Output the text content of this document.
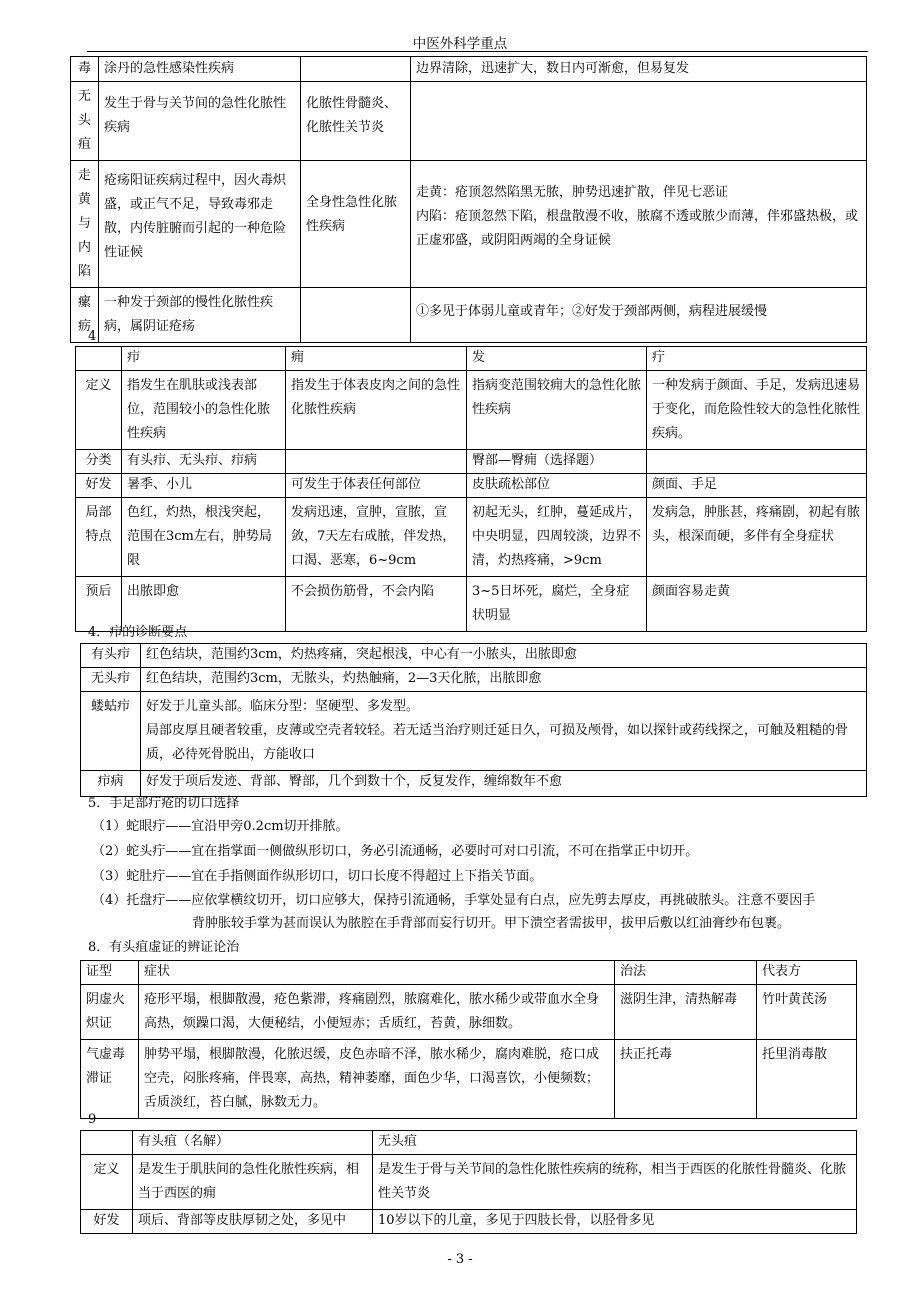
中医外科学重点
毒	涂丹的急性感染性疾病		边界清除，迅速扩大，数日内可渐愈，但易复发
无头疽	发生于骨与关节间的急性化脓性疾病	化脓性骨髓炎、化脓性关节炎	
走黄与内陷	疮疡阳证疾病过程中，因火毒炽盛，或正气不足，导致毒邪走散，内传脏腑而引起的一种危险性证候	全身性急性化脓性疾病	走黄：疮顶忽然陷黑无脓，肿势迅速扩散，伴见七恶证

内陷：疮顶忽然下陷，根盘散漫不收，脓腐不透或脓少而薄，伴邪盛热极，或正虚邪盛，或阴阳两竭的全身证候

瘰疬	一种发于颈部的慢性化脓性疾病，属阴证疮疡		①多见于体弱儿童或青年；②好发于颈部两侧，病程进展缓慢
4
	疖	痈	发	疔
定义	指发生在肌肤或浅表部位，范围较小的急性化脓性疾病	指发生于体表皮肉之间的急性化脓性疾病	指病变范围较痈大的急性化脓性疾病	一种发病于颜面、手足，发病迅速易于变化，而危险性较大的急性化脓性疾病。
分类	有头疖、无头疖、疖病		臀部—臀痈（选择题）	
好发	暑季、小儿	可发生于体表任何部位	皮肤疏松部位	颜面、手足
局部特点	色红，灼热，根浅突起，范围在3cm左右，肿势局限	发病迅速，宣肿，宣脓，宣敛，7天左右成脓，伴发热，口渴、恶寒，6~9cm	初起无头，红肿，蔓延成片，中央明显，四周较淡，边界不清，灼热疼痛，>9cm	发病急，肿胀甚，疼痛剧，初起有脓头，根深而硬，多伴有全身症状
预后	出脓即愈	不会损伤筋骨，不会内陷	3~5日坏死，腐烂，全身症状明显	颜面容易走黄
4．疖的诊断要点
有头疖	红色结块，范围约3cm，灼热疼痛，突起根浅，中心有一小脓头，出脓即愈
无头疖	红色结块，范围约3cm，无脓头，灼热触痛，2—3天化脓，出脓即愈
蝼蛄疖	好发于儿童头部。临床分型：坚硬型、多发型。

局部皮厚且硬者较重，皮薄或空壳者较轻。若无适当治疗则迁延日久，可损及颅骨，如以探针或药线探之，可触及粗糙的骨质，必待死骨脱出，方能收口

疖病	好发于项后发迹、背部、臀部，几个到数十个，反复发作，缠绵数年不愈
5．手足部疔疮的切口选择
（1）蛇眼疔——宜沿甲旁0.2cm切开排脓。
（2）蛇头疔——宜在指掌面一侧做纵形切口，务必引流通畅，必要时可对口引流，不可在指掌正中切开。
（3）蛇肚疔——宜在手指侧面作纵形切口，切口长度不得超过上下指关节面。
（4）托盘疔——应依掌横纹切开，切口应够大，保持引流通畅，手掌处显有白点，应先剪去厚皮，再挑破脓头。注意不要因手
背肿胀较手掌为甚而误认为脓腔在手背部而妄行切开。甲下溃空者需拔甲，拔甲后敷以红油膏纱布包裹。
8．有头疽虚证的辨证论治
证型	症状	治法	代表方
阴虚火炽证	疮形平塌，根脚散漫，疮色紫滞，疼痛剧烈，脓腐难化，脓水稀少或带血水全身高热，烦躁口渴，大便秘结，小便短赤；舌质红，苔黄，脉细数。	滋阴生津，清热解毒	竹叶黄芪汤
气虚毒滞证	肿势平塌，根脚散漫，化脓迟缓，皮色赤暗不泽，脓水稀少，腐肉难脱，疮口成空壳，闷胀疼痛，伴畏寒，高热，精神萎靡，面色少华，口渴喜饮，小便频数；舌质淡红，苔白腻，脉数无力。	扶正托毒	托里消毒散
9
	有头疽（名解）	无头疽
定义	是发生于肌肤间的急性化脓性疾病，相当于西医的痈	是发生于骨与关节间的急性化脓性疾病的统称，相当于西医的化脓性骨髓炎、化脓性关节炎
好发	项后、背部等皮肤厚韧之处，多见中	10岁以下的儿童，多见于四肢长骨，以胫骨多见
- 3 -
